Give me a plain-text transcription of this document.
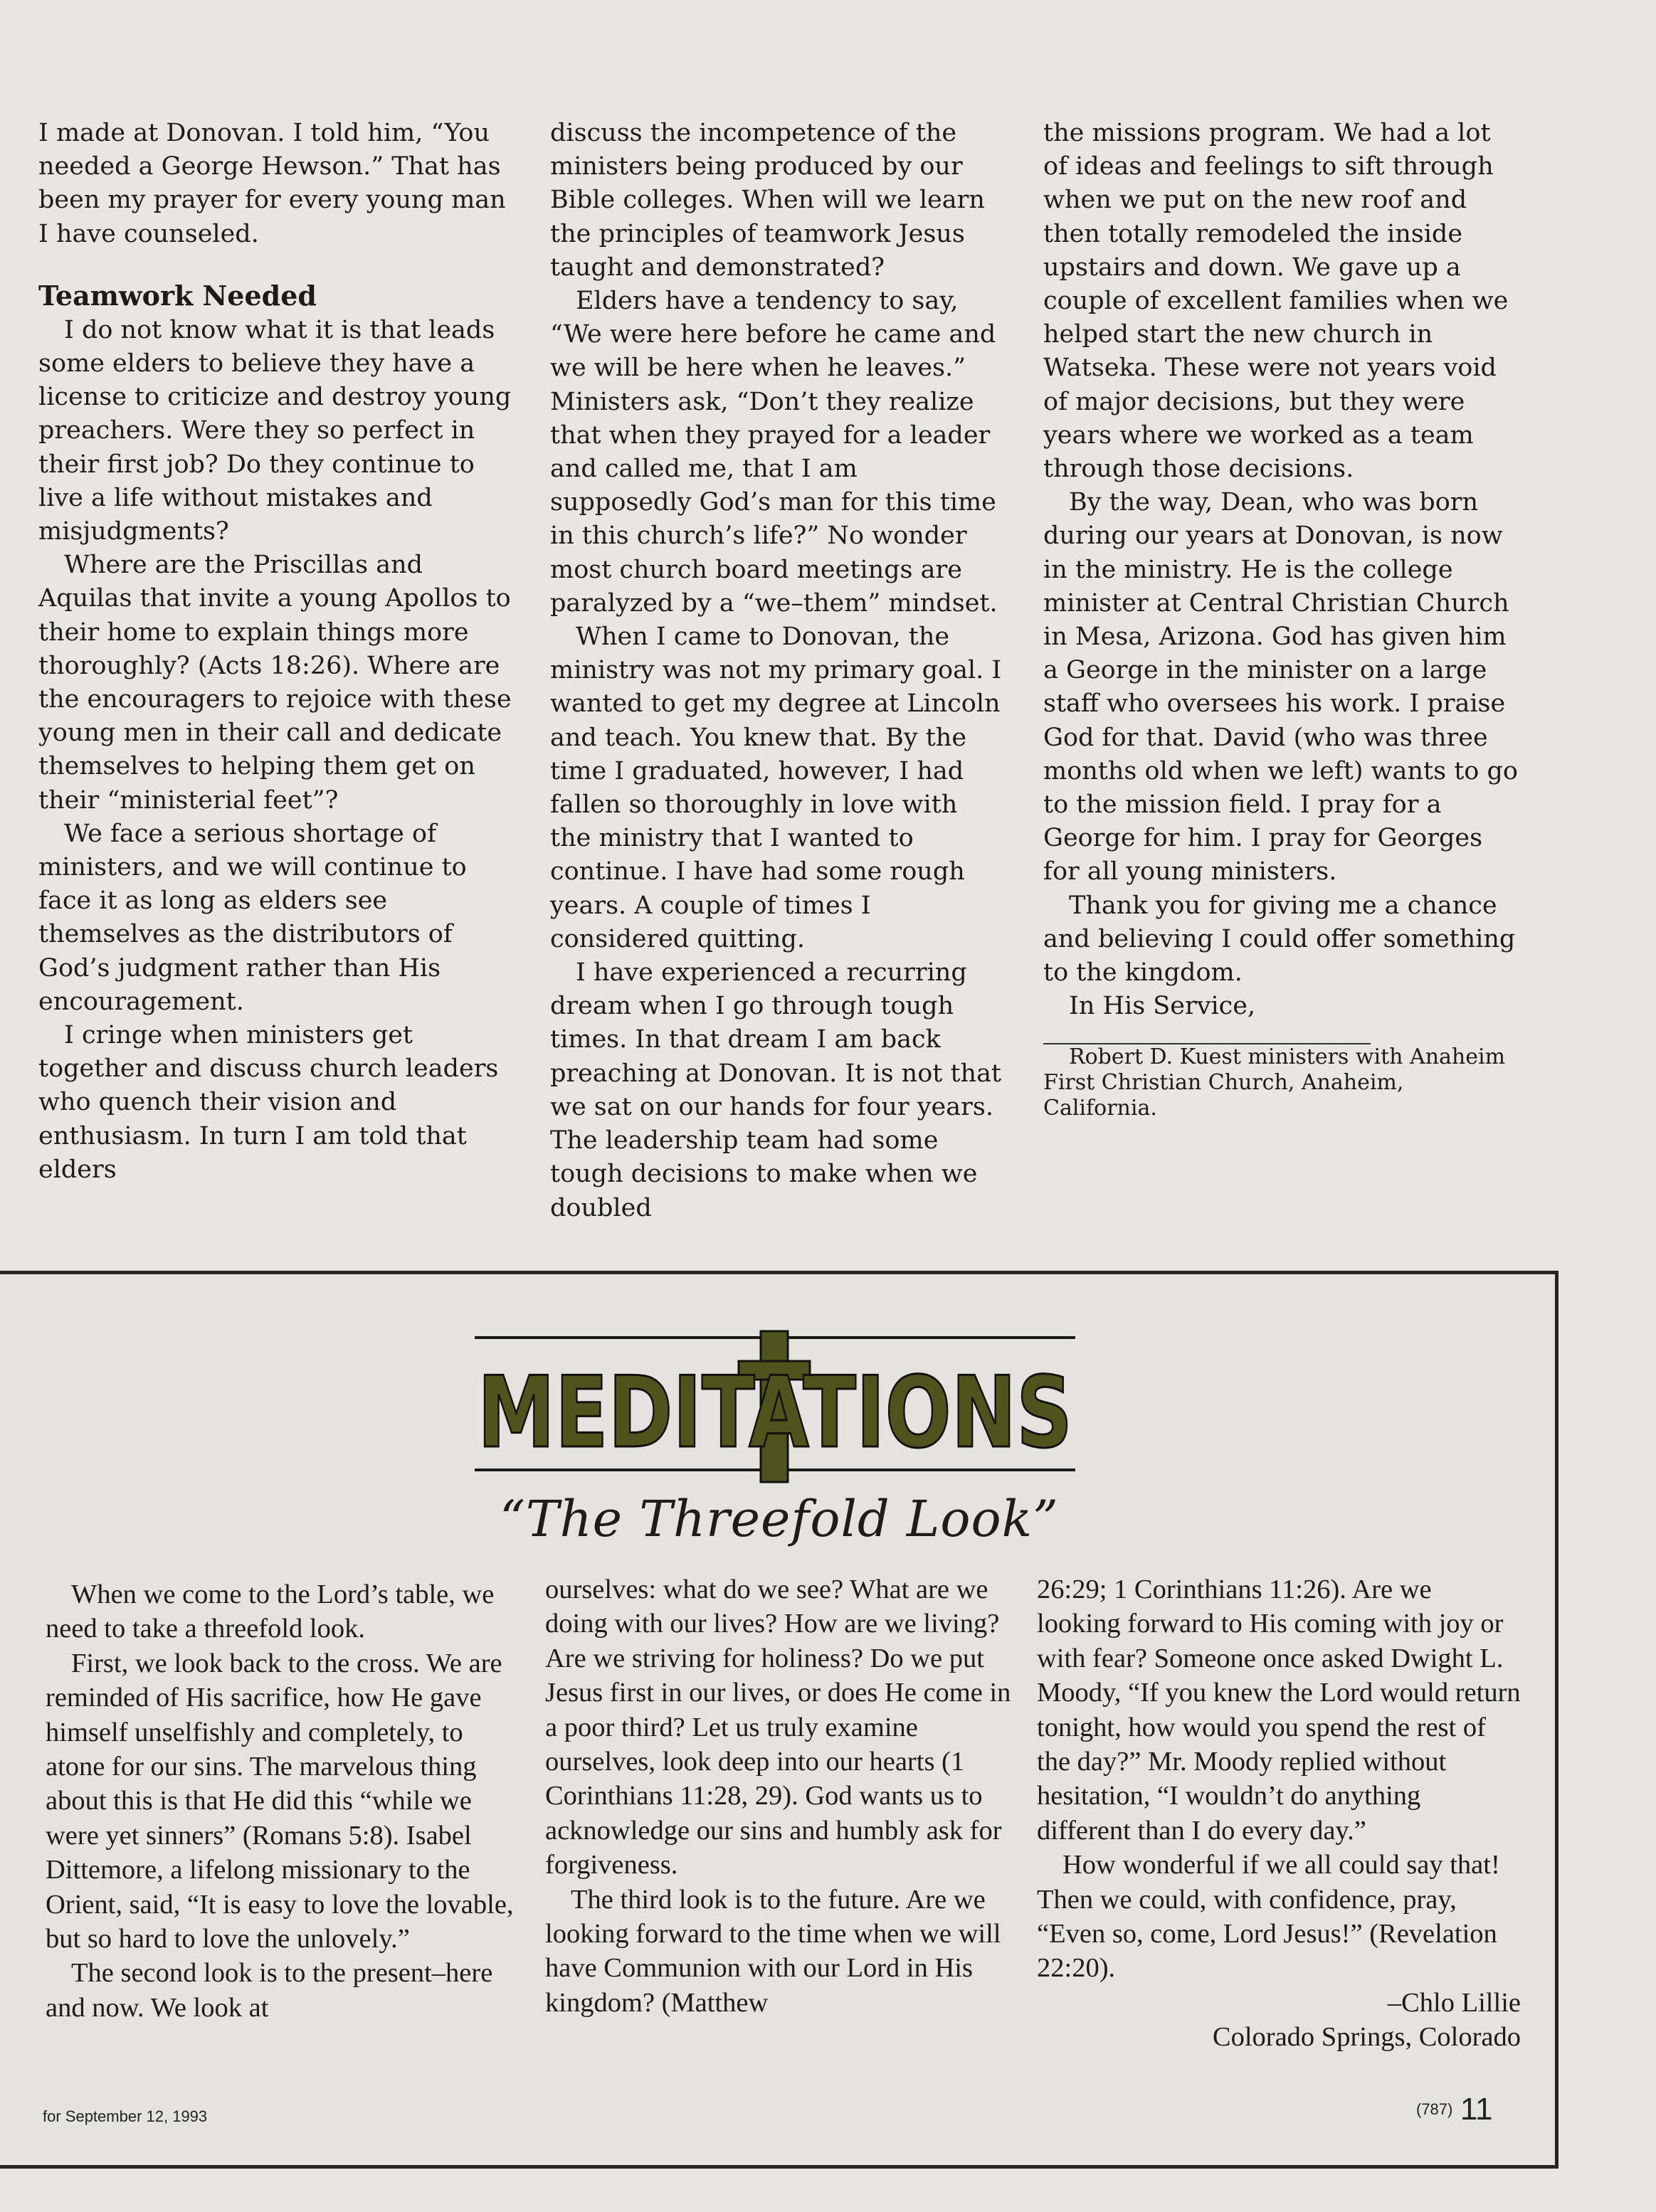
I made at Donovan. I told him, “You needed a George Hewson.” That has been my prayer for every young man I have counseled.

Teamwork Needed

I do not know what it is that leads some elders to believe they have a license to criticize and destroy young preachers. Were they so perfect in their first job? Do they continue to live a life without mistakes and misjudgments?

Where are the Priscillas and Aquilas that invite a young Apollos to their home to explain things more thoroughly? (Acts 18:26). Where are the encouragers to rejoice with these young men in their call and dedicate themselves to helping them get on their “ministerial feet”?

We face a serious shortage of ministers, and we will continue to face it as long as elders see themselves as the distributors of God’s judgment rather than His encouragement.

I cringe when ministers get together and discuss church leaders who quench their vision and enthusiasm. In turn I am told that elders

discuss the incompetence of the ministers being produced by our Bible colleges. When will we learn the principles of teamwork Jesus taught and demonstrated?

Elders have a tendency to say, “We were here before he came and we will be here when he leaves.” Ministers ask, “Don’t they realize that when they prayed for a leader and called me, that I am supposedly God’s man for this time in this church’s life?” No wonder most church board meetings are paralyzed by a “we–them” mindset.

When I came to Donovan, the ministry was not my primary goal. I wanted to get my degree at Lincoln and teach. You knew that. By the time I graduated, however, I had fallen so thoroughly in love with the ministry that I wanted to continue. I have had some rough years. A couple of times I considered quitting.

I have experienced a recurring dream when I go through tough times. In that dream I am back preaching at Donovan. It is not that we sat on our hands for four years. The leadership team had some tough decisions to make when we doubled

the missions program. We had a lot of ideas and feelings to sift through when we put on the new roof and then totally remodeled the inside upstairs and down. We gave up a couple of excellent families when we helped start the new church in Watseka. These were not years void of major decisions, but they were years where we worked as a team through those decisions.

By the way, Dean, who was born during our years at Donovan, is now in the ministry. He is the college minister at Central Christian Church in Mesa, Arizona. God has given him a George in the minister on a large staff who oversees his work. I praise God for that. David (who was three months old when we left) wants to go to the mission field. I pray for a George for him. I pray for Georges for all young ministers.

Thank you for giving me a chance and believing I could offer something to the kingdom.

In His Service,

Robert D. Kuest ministers with Anaheim First Christian Church, Anaheim, California.

MEDITATIONS
“The Threefold Look”

When we come to the Lord’s table, we need to take a threefold look.

First, we look back to the cross. We are reminded of His sacrifice, how He gave himself unselfishly and completely, to atone for our sins. The marvelous thing about this is that He did this “while we were yet sinners” (Romans 5:8). Isabel Dittemore, a lifelong missionary to the Orient, said, “It is easy to love the lovable, but so hard to love the unlovely.”

The second look is to the present–here and now. We look at

ourselves: what do we see? What are we doing with our lives? How are we living? Are we striving for holiness? Do we put Jesus first in our lives, or does He come in a poor third? Let us truly examine ourselves, look deep into our hearts (1 Corinthians 11:28, 29). God wants us to acknowledge our sins and humbly ask for forgiveness.

The third look is to the future. Are we looking forward to the time when we will have Communion with our Lord in His kingdom? (Matthew

26:29; 1 Corinthians 11:26). Are we looking forward to His coming with joy or with fear? Someone once asked Dwight L. Moody, “If you knew the Lord would return tonight, how would you spend the rest of the day?” Mr. Moody replied without hesitation, “I wouldn’t do anything different than I do every day.”

How wonderful if we all could say that! Then we could, with confidence, pray, “Even so, come, Lord Jesus!” (Revelation 22:20).

–Chlo Lillie
Colorado Springs, Colorado
for September 12, 1993	(787) 11
